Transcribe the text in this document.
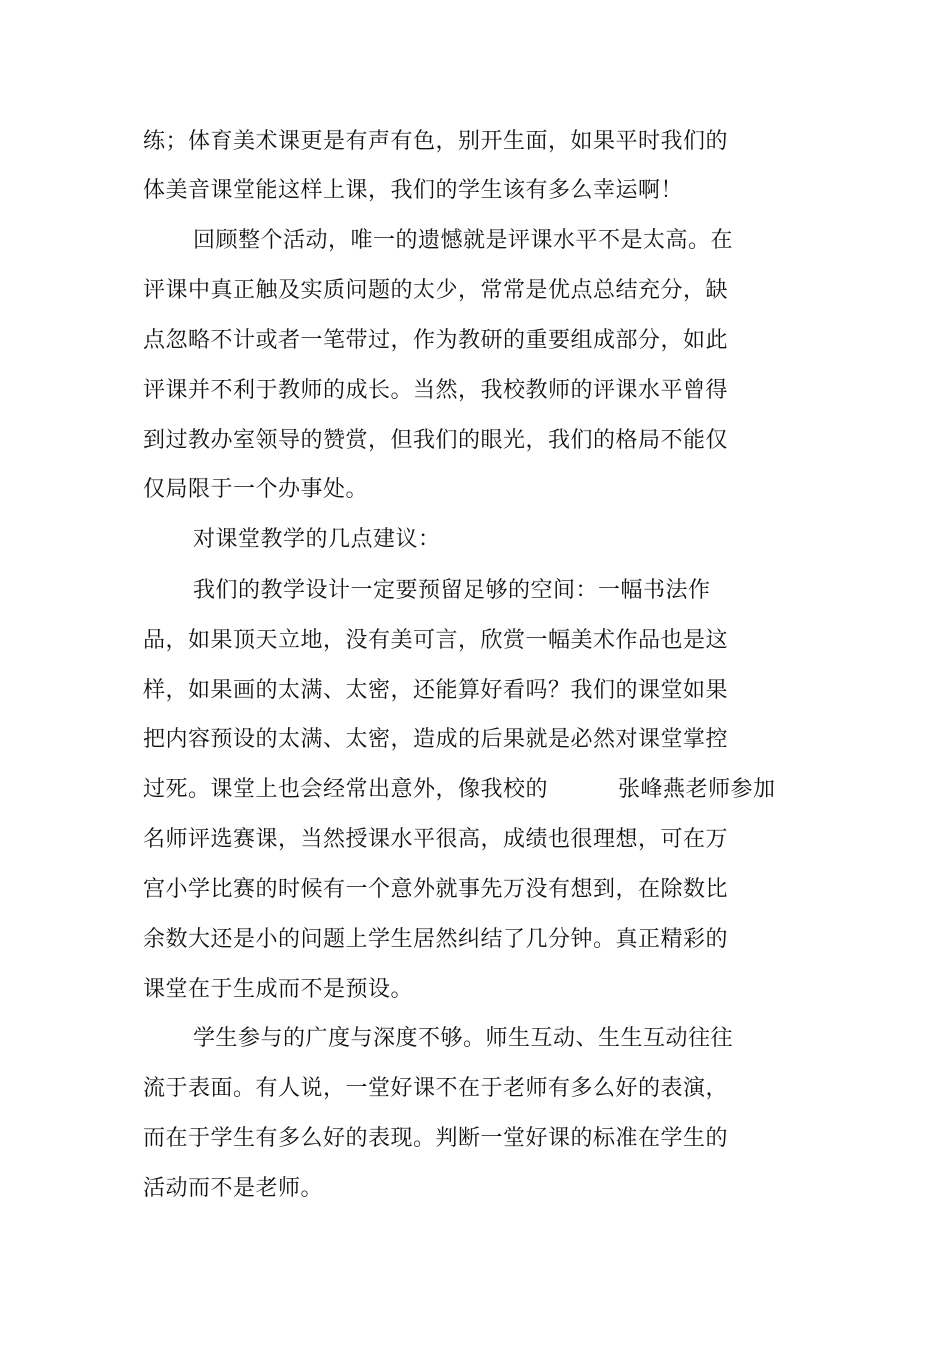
练；体育美术课更是有声有色，别开生面，如果平时我们的
体美音课堂能这样上课，我们的学生该有多么幸运啊！
回顾整个活动，唯一的遗憾就是评课水平不是太高。在
评课中真正触及实质问题的太少，常常是优点总结充分，缺
点忽略不计或者一笔带过，作为教研的重要组成部分，如此
评课并不利于教师的成长。当然，我校教师的评课水平曾得
到过教办室领导的赞赏，但我们的眼光，我们的格局不能仅
仅局限于一个办事处。
对课堂教学的几点建议：
我们的教学设计一定要预留足够的空间：一幅书法作
品，如果顶天立地，没有美可言，欣赏一幅美术作品也是这
样，如果画的太满、太密，还能算好看吗？我们的课堂如果
把内容预设的太满、太密，造成的后果就是必然对课堂掌控
过死。课堂上也会经常出意外，像我校的	张峰燕老师参加
名师评选赛课，当然授课水平很高，成绩也很理想，可在万
宫小学比赛的时候有一个意外就事先万没有想到，在除数比
余数大还是小的问题上学生居然纠结了几分钟。真正精彩的
课堂在于生成而不是预设。
学生参与的广度与深度不够。师生互动、生生互动往往
流于表面。有人说，一堂好课不在于老师有多么好的表演，
而在于学生有多么好的表现。判断一堂好课的标准在学生的
活动而不是老师。
